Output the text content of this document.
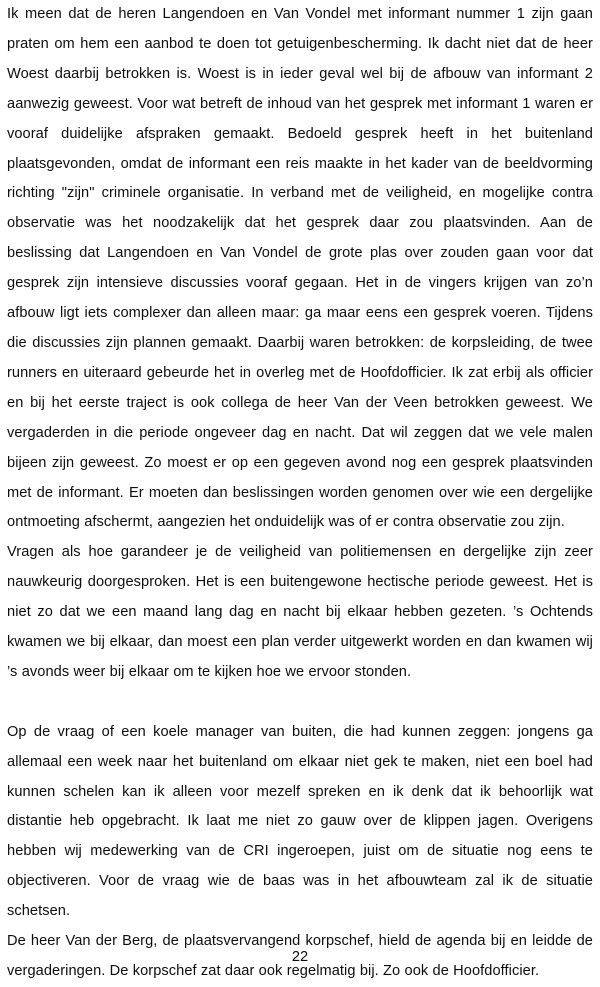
Ik meen dat de heren Langendoen en Van Vondel met informant nummer 1 zijn gaan praten om hem een aanbod te doen tot getuigenbescherming. Ik dacht niet dat de heer Woest daarbij betrokken is. Woest is in ieder geval wel bij de afbouw van informant 2 aanwezig geweest. Voor wat betreft de inhoud van het gesprek met informant 1 waren er vooraf duidelijke afspraken gemaakt. Bedoeld gesprek heeft in het buitenland plaatsgevonden, omdat de informant een reis maakte in het kader van de beeldvorming richting "zijn" criminele organisatie. In verband met de veiligheid, en mogelijke contra observatie was het noodzakelijk dat het gesprek daar zou plaatsvinden. Aan de beslissing dat Langendoen en Van Vondel de grote plas over zouden gaan voor dat gesprek zijn intensieve discussies vooraf gegaan. Het in de vingers krijgen van zo’n afbouw ligt iets complexer dan alleen maar: ga maar eens een gesprek voeren. Tijdens die discussies zijn plannen gemaakt. Daarbij waren betrokken: de korpsleiding, de twee runners en uiteraard gebeurde het in overleg met de Hoofdofficier. Ik zat erbij als officier en bij het eerste traject is ook collega de heer Van der Veen betrokken geweest. We vergaderden in die periode ongeveer dag en nacht. Dat wil zeggen dat we vele malen bijeen zijn geweest. Zo moest er op een gegeven avond nog een gesprek plaatsvinden met de informant. Er moeten dan beslissingen worden genomen over wie een dergelijke ontmoeting afschermt, aangezien het onduidelijk was of er contra observatie zou zijn.

Vragen als hoe garandeer je de veiligheid van politiemensen en dergelijke zijn zeer nauwkeurig doorgesproken. Het is een buitengewone hectische periode geweest. Het is niet zo dat we een maand lang dag en nacht bij elkaar hebben gezeten. ’s Ochtends kwamen we bij elkaar, dan moest een plan verder uitgewerkt worden en dan kwamen wij ’s avonds weer bij elkaar om te kijken hoe we ervoor stonden.

Op de vraag of een koele manager van buiten, die had kunnen zeggen: jongens ga allemaal een week naar het buitenland om elkaar niet gek te maken, niet een boel had kunnen schelen kan ik alleen voor mezelf spreken en ik denk dat ik behoorlijk wat distantie heb opgebracht. Ik laat me niet zo gauw over de klippen jagen. Overigens hebben wij medewerking van de CRI ingeroepen, juist om de situatie nog eens te objectiveren. Voor de vraag wie de baas was in het afbouwteam zal ik de situatie schetsen.

De heer Van der Berg, de plaatsvervangend korpschef, hield de agenda bij en leidde de vergaderingen. De korpschef zat daar ook regelmatig bij. Zo ook de Hoofdofficier.

22
